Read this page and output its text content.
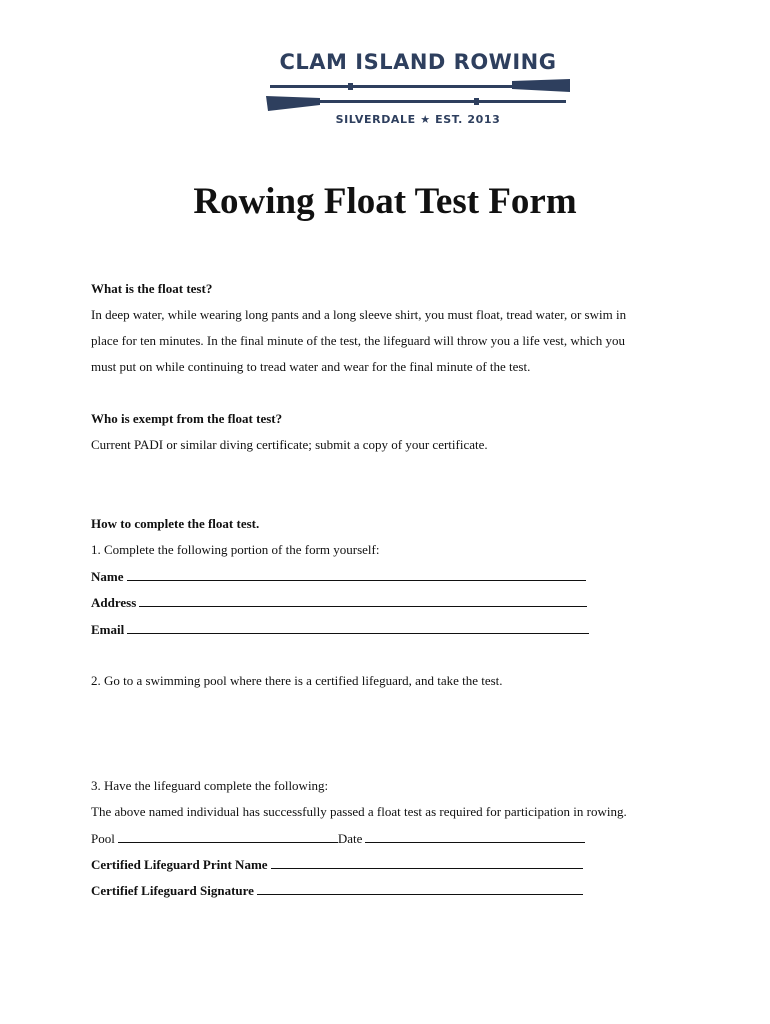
CLAM ISLAND ROWING
SILVERDALE ★ EST. 2013
Rowing Float Test Form
What is the float test?
In deep water, while wearing long pants and a long sleeve shirt, you must float, tread water, or swim in
place for ten minutes. In the final minute of the test, the lifeguard will throw you a life vest, which you
must put on while continuing to tread water and wear for the final minute of the test.
Who is exempt from the float test?
Current PADI or similar diving certificate; submit a copy of your certificate.
How to complete the float test.
1. Complete the following portion of the form yourself:
Name
Address
Email
2. Go to a swimming pool where there is a certified lifeguard, and take the test.
3. Have the lifeguard complete the following:
The above named individual has successfully passed a float test as required for participation in rowing.
Pool	Date
Certified Lifeguard Print Name
Certifief Lifeguard Signature
